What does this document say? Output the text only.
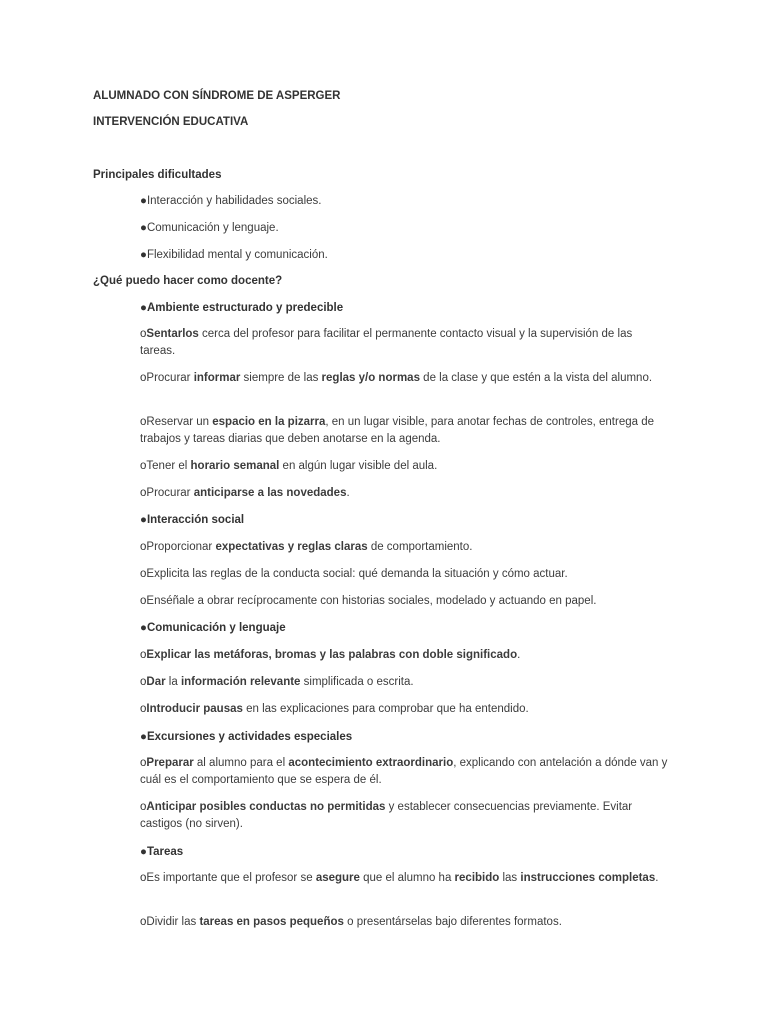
ALUMNADO CON SÍNDROME DE ASPERGER
INTERVENCIÓN EDUCATIVA
Principales dificultades
●Interacción y habilidades sociales.
●Comunicación y lenguaje.
●Flexibilidad mental y comunicación.
¿Qué puedo hacer como docente?
●Ambiente estructurado y predecible
oSentarlos cerca del profesor para facilitar el permanente contacto visual y la supervisión de las tareas.
oProcurar informar siempre de las reglas y/o normas de la clase y que estén a la vista del alumno.
oReservar un espacio en la pizarra, en un lugar visible, para anotar fechas de controles, entrega de trabajos y tareas diarias que deben anotarse en la agenda.
oTener el horario semanal en algún lugar visible del aula.
oProcurar anticiparse a las novedades.
●Interacción social
oProporcionar expectativas y reglas claras de comportamiento.
oExplicita las reglas de la conducta social: qué demanda la situación y cómo actuar.
oEnséñale a obrar recíprocamente con historias sociales, modelado y actuando en papel.
●Comunicación y lenguaje
oExplicar las metáforas, bromas y las palabras con doble significado.
oDar la información relevante simplificada o escrita.
oIntroducir pausas en las explicaciones para comprobar que ha entendido.
●Excursiones y actividades especiales
oPreparar al alumno para el acontecimiento extraordinario, explicando con antelación a dónde van y cuál es el comportamiento que se espera de él.
oAnticipar posibles conductas no permitidas y establecer consecuencias previamente. Evitar castigos (no sirven).
●Tareas
oEs importante que el profesor se asegure que el alumno ha recibido las instrucciones completas.
oDividir las tareas en pasos pequeños o presentárselas bajo diferentes formatos.
